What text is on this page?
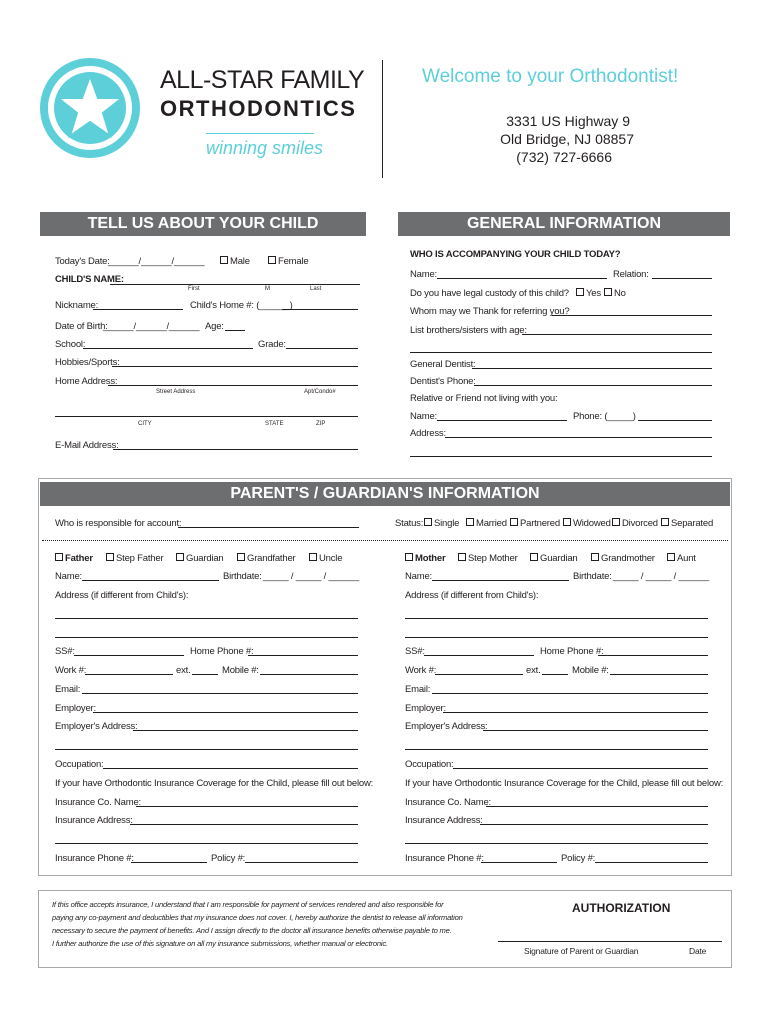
ALL-STAR FAMILY
ORTHODONTICS
winning smiles
Welcome to your Orthodontist!
3331 US Highway 9
Old Bridge, NJ 08857
(732) 727-6666
TELL US ABOUT YOUR CHILD
Today's Date:
______/______/______	Male	Female
CHILD'S NAME:
First	M	Last
Nickname:	Child's Home #: (______)
Date of Birth:
______/______/______ Age:
School:	Grade:
Hobbies/Sports:
Home Address:
Street Address	Apt/Condo#
CITY	STATE	ZIP
E-Mail Address:
GENERAL INFORMATION
WHO IS ACCOMPANYING YOUR CHILD TODAY?
Name:	Relation:
Do you have legal custody of this child?	Yes	No
Whom may we Thank for referring you?
List brothers/sisters with age:
General Dentist:
Dentist's Phone:
Relative or Friend not living with you:
Name:	Phone: (_____)
Address:
PARENT'S / GUARDIAN'S INFORMATION
Who is responsible for account:	Status:	Single	Married	Partnered	Widowed	Divorced	Separated
Father	Step Father	Guardian	Grandfather	Uncle
Name:	Birthdate: _____ / _____ / ______
Address (if different from Child's):
SS#:	Home Phone #:
Work #:	ext.	Mobile #:
Email:
Employer:
Employer's Address:
Occupation:
If your have Orthodontic Insurance Coverage for the Child, please fill out below:
Insurance Co. Name:
Insurance Address:
Insurance Phone #:	Policy #:
Mother	Step Mother	Guardian	Grandmother	Aunt
Name:	Birthdate: _____ / _____ / ______
Address (if different from Child's):
SS#:	Home Phone #:
Work #:	ext.	Mobile #:
Email:
Employer:
Employer's Address:
Occupation:
If your have Orthodontic Insurance Coverage for the Child, please fill out below:
Insurance Co. Name:
Insurance Address:
Insurance Phone #:	Policy #:
If this office accepts insurance, I understand that I am responsible for payment of services rendered and also responsible for
paying any co-payment and deductibles that my insurance does not cover. I, hereby authorize the dentist to release all information
necessary to secure the payment of benefits. And I assign directly to the doctor all insurance benefits otherwise payable to me.
I further authorize the use of this signature on all my insurance submissions, whether manual or electronic.
AUTHORIZATION
Signature of Parent or Guardian	Date
